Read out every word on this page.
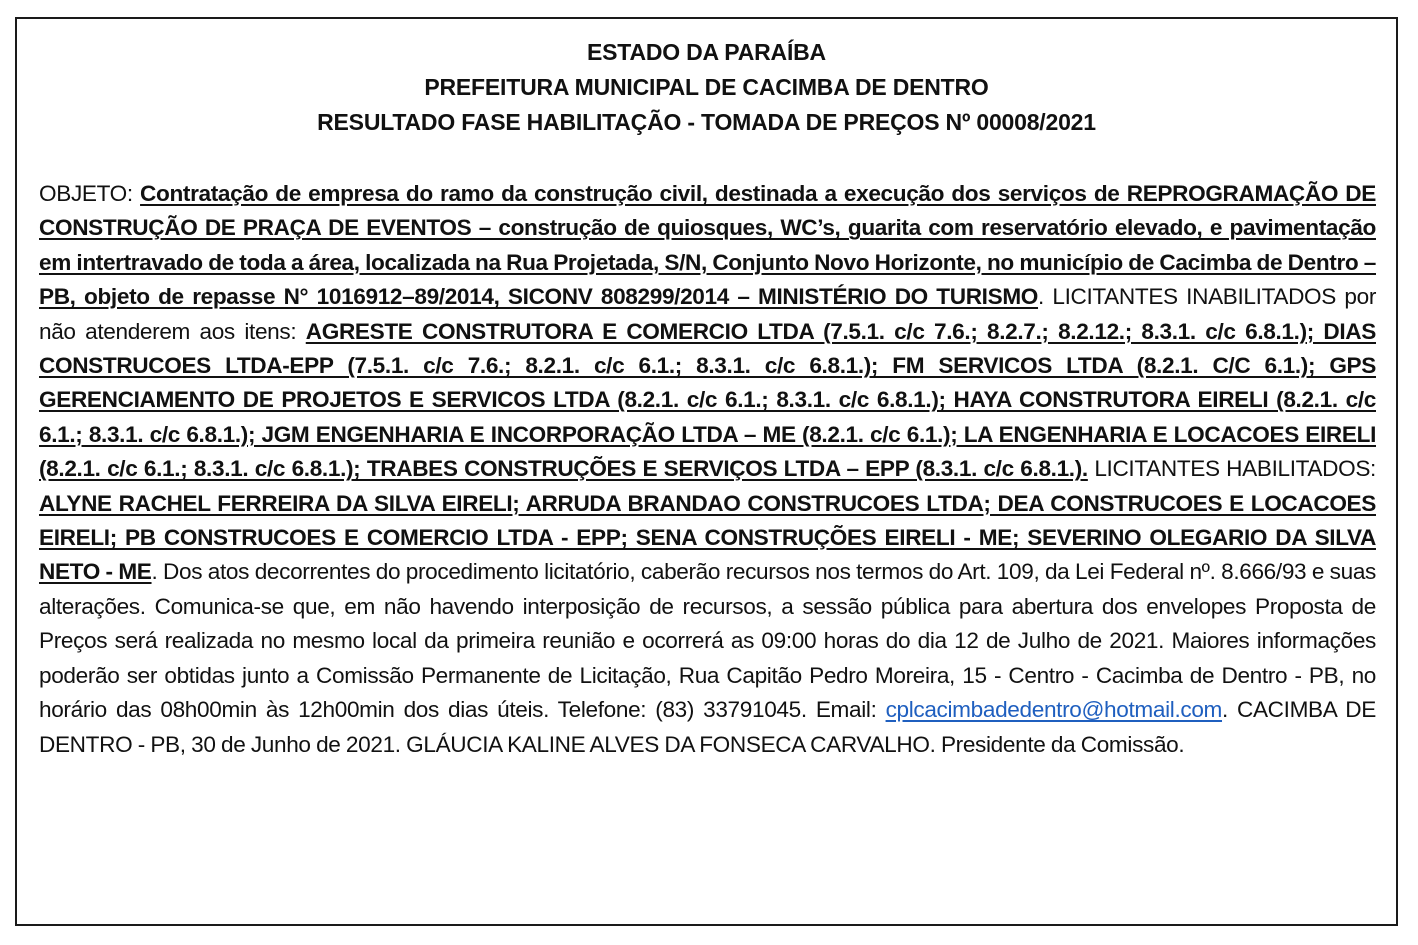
ESTADO DA PARAÍBA
PREFEITURA MUNICIPAL DE CACIMBA DE DENTRO
RESULTADO FASE HABILITAÇÃO - TOMADA DE PREÇOS Nº 00008/2021
OBJETO: Contratação de empresa do ramo da construção civil, destinada a execução dos serviços de REPROGRAMAÇÃO DE CONSTRUÇÃO DE PRAÇA DE EVENTOS – construção de quiosques, WC’s, guarita com reservatório elevado, e pavimentação em intertravado de toda a área, localizada na Rua Projetada, S/N, Conjunto Novo Horizonte, no município de Cacimba de Dentro – PB, objeto de repasse N° 1016912–89/2014, SICONV 808299/2014 – MINISTÉRIO DO TURISMO. LICITANTES INABILITADOS por não atenderem aos itens: AGRESTE CONSTRUTORA E COMERCIO LTDA (7.5.1. c/c 7.6.; 8.2.7.; 8.2.12.; 8.3.1. c/c 6.8.1.); DIAS CONSTRUCOES LTDA-EPP (7.5.1. c/c 7.6.; 8.2.1. c/c 6.1.; 8.3.1. c/c 6.8.1.); FM SERVICOS LTDA (8.2.1. C/C 6.1.); GPS GERENCIAMENTO DE PROJETOS E SERVICOS LTDA (8.2.1. c/c 6.1.; 8.3.1. c/c 6.8.1.); HAYA CONSTRUTORA EIRELI (8.2.1. c/c 6.1.; 8.3.1. c/c 6.8.1.); JGM ENGENHARIA E INCORPORAÇÃO LTDA – ME (8.2.1. c/c 6.1.); LA ENGENHARIA E LOCACOES EIRELI (8.2.1. c/c 6.1.; 8.3.1. c/c 6.8.1.); TRABES CONSTRUÇÕES E SERVIÇOS LTDA – EPP (8.3.1. c/c 6.8.1.). LICITANTES HABILITADOS: ALYNE RACHEL FERREIRA DA SILVA EIRELI; ARRUDA BRANDAO CONSTRUCOES LTDA; DEA CONSTRUCOES E LOCACOES EIRELI; PB CONSTRUCOES E COMERCIO LTDA - EPP; SENA CONSTRUÇÕES EIRELI - ME; SEVERINO OLEGARIO DA SILVA NETO - ME. Dos atos decorrentes do procedimento licitatório, caberão recursos nos termos do Art. 109, da Lei Federal nº. 8.666/93 e suas alterações. Comunica-se que, em não havendo interposição de recursos, a sessão pública para abertura dos envelopes Proposta de Preços será realizada no mesmo local da primeira reunião e ocorrerá as 09:00 horas do dia 12 de Julho de 2021. Maiores informações poderão ser obtidas junto a Comissão Permanente de Licitação, Rua Capitão Pedro Moreira, 15 - Centro - Cacimba de Dentro - PB, no horário das 08h00min às 12h00min dos dias úteis. Telefone: (83) 33791045. Email: cplcacimbadedentro@hotmail.com. CACIMBA DE DENTRO - PB, 30 de Junho de 2021. GLÁUCIA KALINE ALVES DA FONSECA CARVALHO. Presidente da Comissão.
